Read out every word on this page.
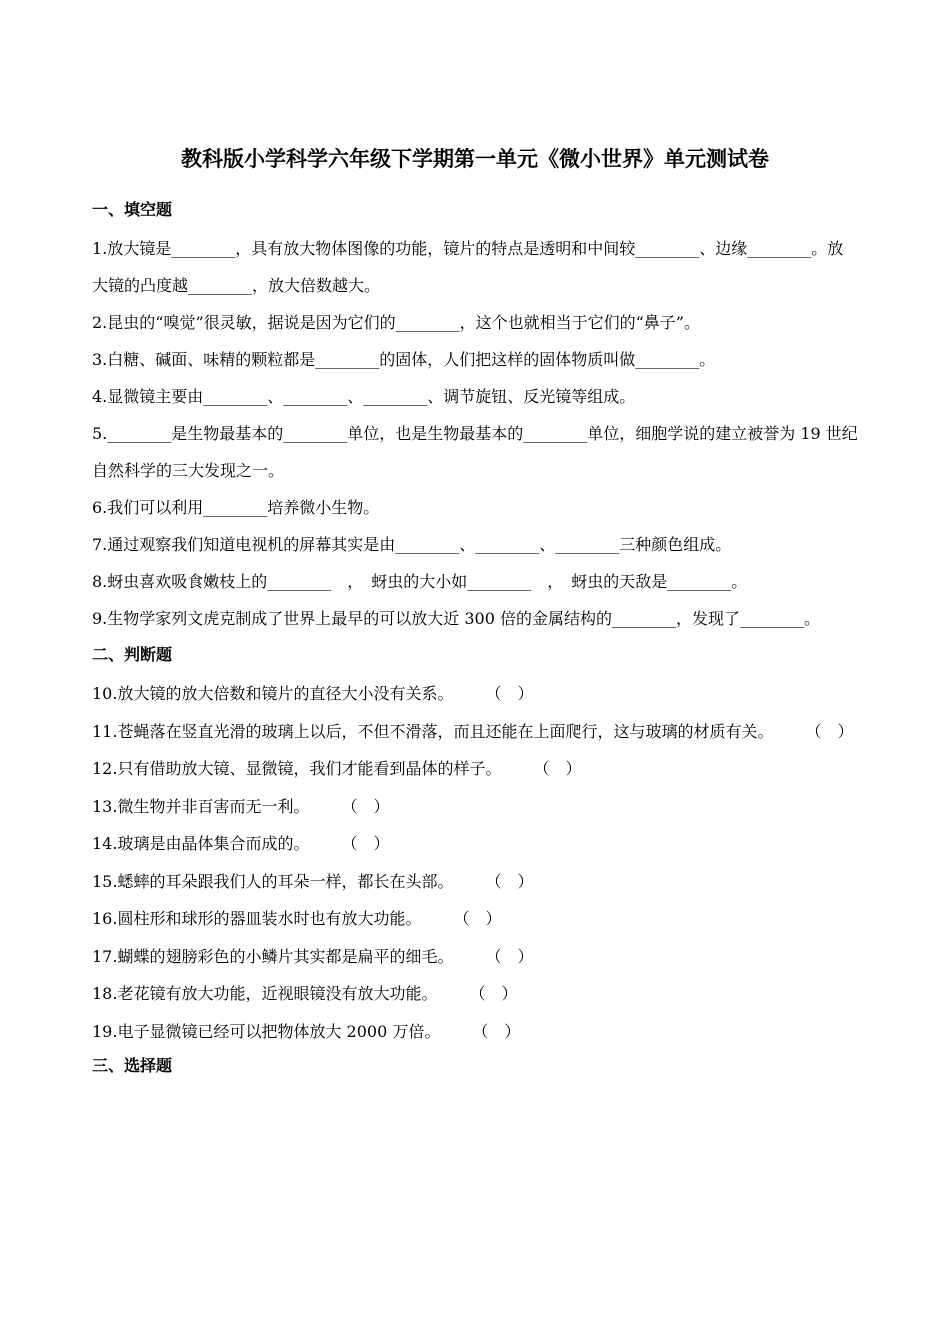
教科版小学科学六年级下学期第一单元《微小世界》单元测试卷
一、填空题
1.放大镜是________，具有放大物体图像的功能，镜片的特点是透明和中间较________、边缘________。放大镜的凸度越________，放大倍数越大。
2.昆虫的“嗅觉”很灵敏，据说是因为它们的________，这个也就相当于它们的“鼻子”。
3.白糖、碱面、味精的颗粒都是________的固体，人们把这样的固体物质叫做________。
4.显微镜主要由________、________、________、调节旋钮、反光镜等组成。
5.________是生物最基本的________单位，也是生物最基本的________单位，细胞学说的建立被誉为 19 世纪自然科学的三大发现之一。
6.我们可以利用________培养微小生物。
7.通过观察我们知道电视机的屏幕其实是由________、________、________三种颜色组成。
8.蚜虫喜欢吸食嫩枝上的________　，　蚜虫的大小如________　，　蚜虫的天敌是________。
9.生物学家列文虎克制成了世界上最早的可以放大近 300 倍的金属结构的________，发现了________。
二、判断题
10.放大镜的放大倍数和镜片的直径大小没有关系。　　　（　）
11.苍蝇落在竖直光滑的玻璃上以后，不但不滑落，而且还能在上面爬行，这与玻璃的材质有关。　　　（　）
12.只有借助放大镜、显微镜，我们才能看到晶体的样子。　　　（　）
13.微生物并非百害而无一利。　　　（　）
14.玻璃是由晶体集合而成的。　　　（　）
15.蟋蟀的耳朵跟我们人的耳朵一样，都长在头部。　　　（　）
16.圆柱形和球形的器皿装水时也有放大功能。　　　（　）
17.蝴蝶的翅膀彩色的小鳞片其实都是扁平的细毛。　　　（　）
18.老花镜有放大功能，近视眼镜没有放大功能。　　　（　）
19.电子显微镜已经可以把物体放大 2000 万倍。　　　（　）
三、选择题
